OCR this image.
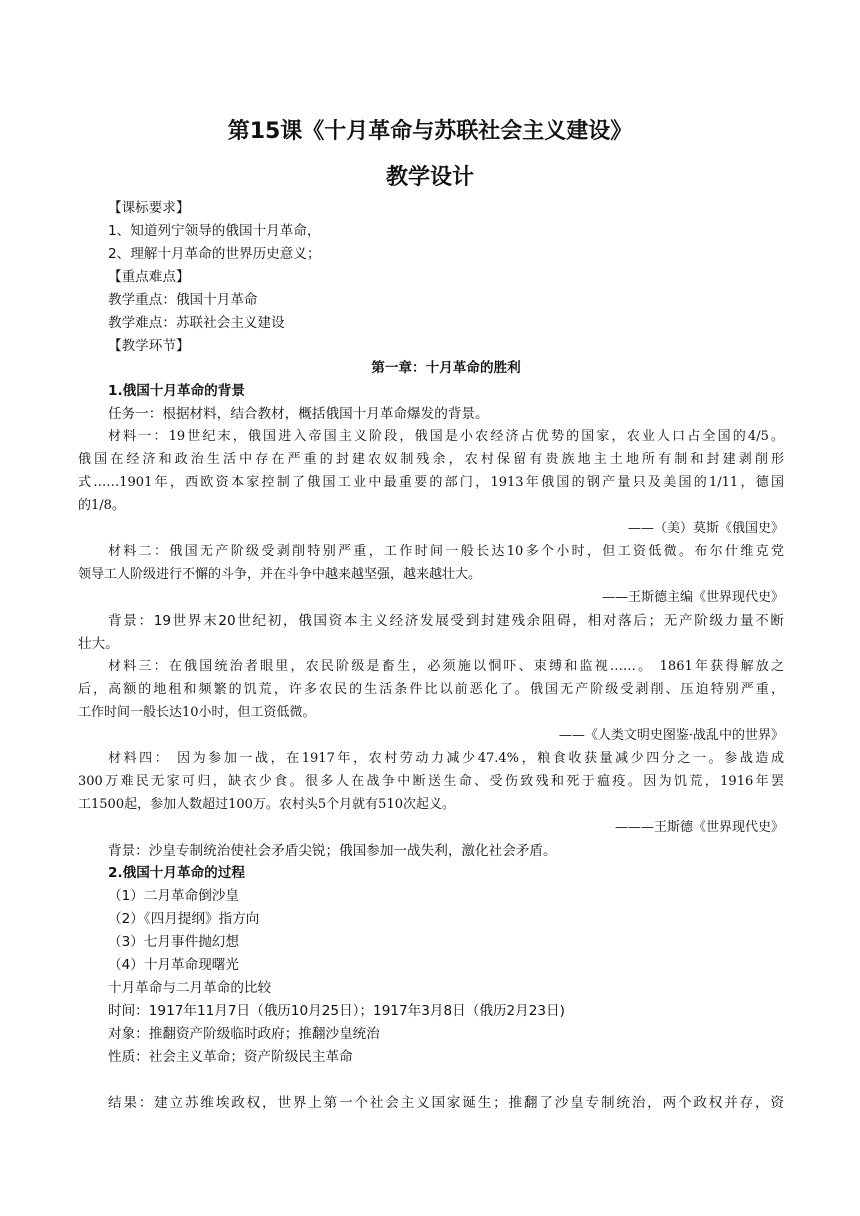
第15课《十月革命与苏联社会主义建设》
教学设计
【课标要求】
1、知道列宁领导的俄国十月革命，
2、理解十月革命的世界历史意义；
【重点难点】
教学重点：俄国十月革命
教学难点：苏联社会主义建设
【教学环节】
第一章：十月革命的胜利
1.俄国十月革命的背景
任务一：根据材料，结合教材，概括俄国十月革命爆发的背景。
材料一：19世纪末，俄国进入帝国主义阶段，俄国是小农经济占优势的国家，农业人口占全国的4/5。
俄国在经济和政治生活中存在严重的封建农奴制残余，农村保留有贵族地主土地所有制和封建剥削形
式……1901年，西欧资本家控制了俄国工业中最重要的部门，1913年俄国的钢产量只及美国的1/11，德国
的1/8。
——（美）莫斯《俄国史》
材料二：俄国无产阶级受剥削特别严重，工作时间一般长达10多个小时，但工资低微。布尔什维克党
领导工人阶级进行不懈的斗争，并在斗争中越来越坚强，越来越壮大。
——王斯德主编《世界现代史》
背景：19世界末20世纪初，俄国资本主义经济发展受到封建残余阻碍，相对落后；无产阶级力量不断
壮大。
材料三：在俄国统治者眼里，农民阶级是畜生，必须施以恫吓、束缚和监视……。 1861年获得解放之
后，高额的地租和频繁的饥荒，许多农民的生活条件比以前恶化了。俄国无产阶级受剥削、压迫特别严重，
工作时间一般长达10小时，但工资低微。
——《人类文明史图鉴·战乱中的世界》
材料四： 因为参加一战，在1917年，农村劳动力减少47.4%，粮食收获量减少四分之一。参战造成
300万难民无家可归，缺衣少食。很多人在战争中断送生命、受伤致残和死于瘟疫。因为饥荒，1916年罢
工1500起，参加人数超过100万。农村头5个月就有510次起义。
———王斯德《世界现代史》
背景：沙皇专制统治使社会矛盾尖锐；俄国参加一战失利，激化社会矛盾。
2.俄国十月革命的过程
（1）二月革命倒沙皇
（2）《四月提纲》指方向
（3）七月事件抛幻想
（4）十月革命现曙光
十月革命与二月革命的比较
时间：1917年11月7日（俄历10月25日）；1917年3月8日（俄历2月23日)
对象：推翻资产阶级临时政府；推翻沙皇统治
性质：社会主义革命；资产阶级民主革命
结果：建立苏维埃政权，世界上第一个社会主义国家诞生；推翻了沙皇专制统治，两个政权并存，资
